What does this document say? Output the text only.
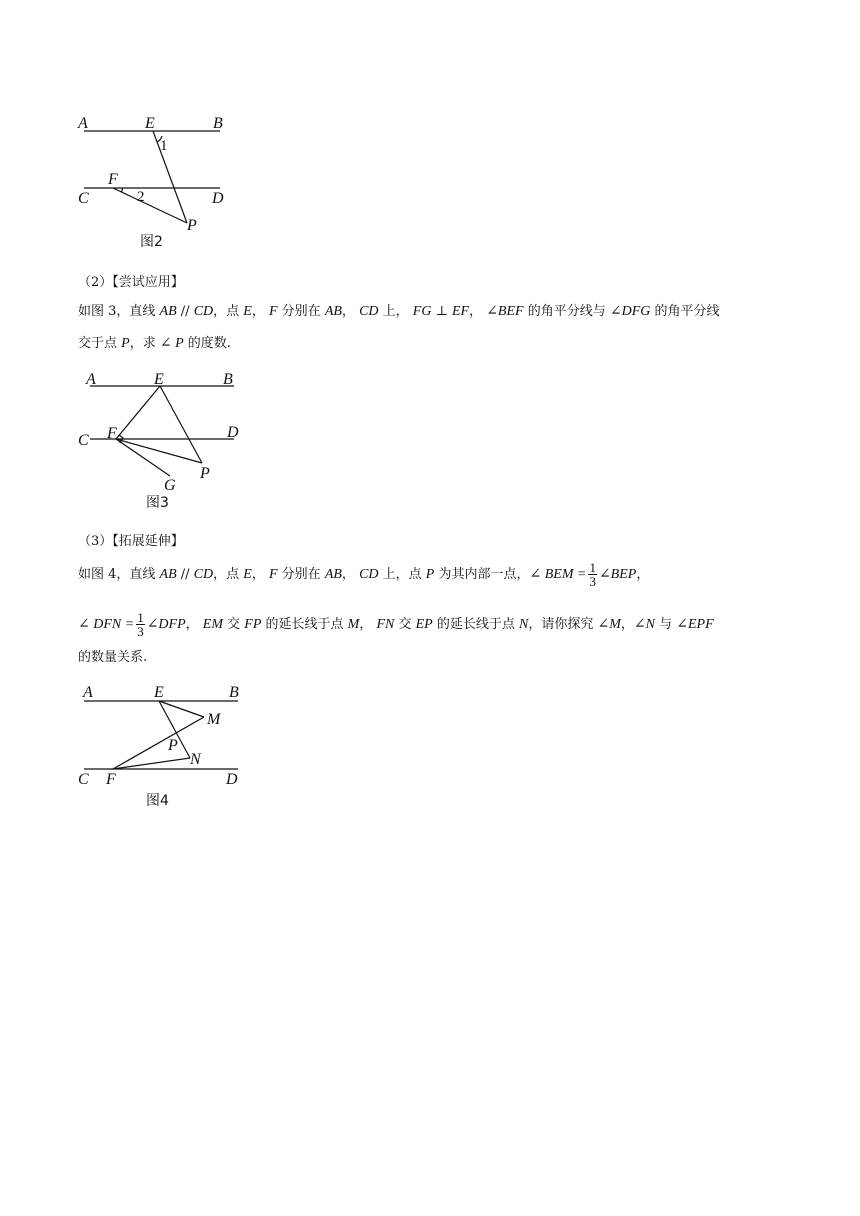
A	E	B
1
F
2
C	D
P
图2
（2）【尝试应用】
如图 3，直线 AB // CD，点 E， F 分别在 AB， CD 上， FG ⊥ EF， ∠BEF 的角平分线与 ∠DFG 的角平分线
交于点 P，求 ∠ P 的度数.
A	E	B
C F	D
P
G
图3
（3）【拓展延伸】
如图 4，直线 AB // CD，点 E， F 分别在 AB， CD 上，点 P 为其内部一点，∠ BEM = $\frac{1}{3}$ ∠BEP，
∠ DFN = $\frac{1}{3}$ ∠DFP， EM 交 FP 的延长线于点 M， FN 交 EP 的延长线于点 N，请你探究 ∠M，∠N 与 ∠EPF
的数量关系.
A	E	B
M
P
N
C F	D
图4
